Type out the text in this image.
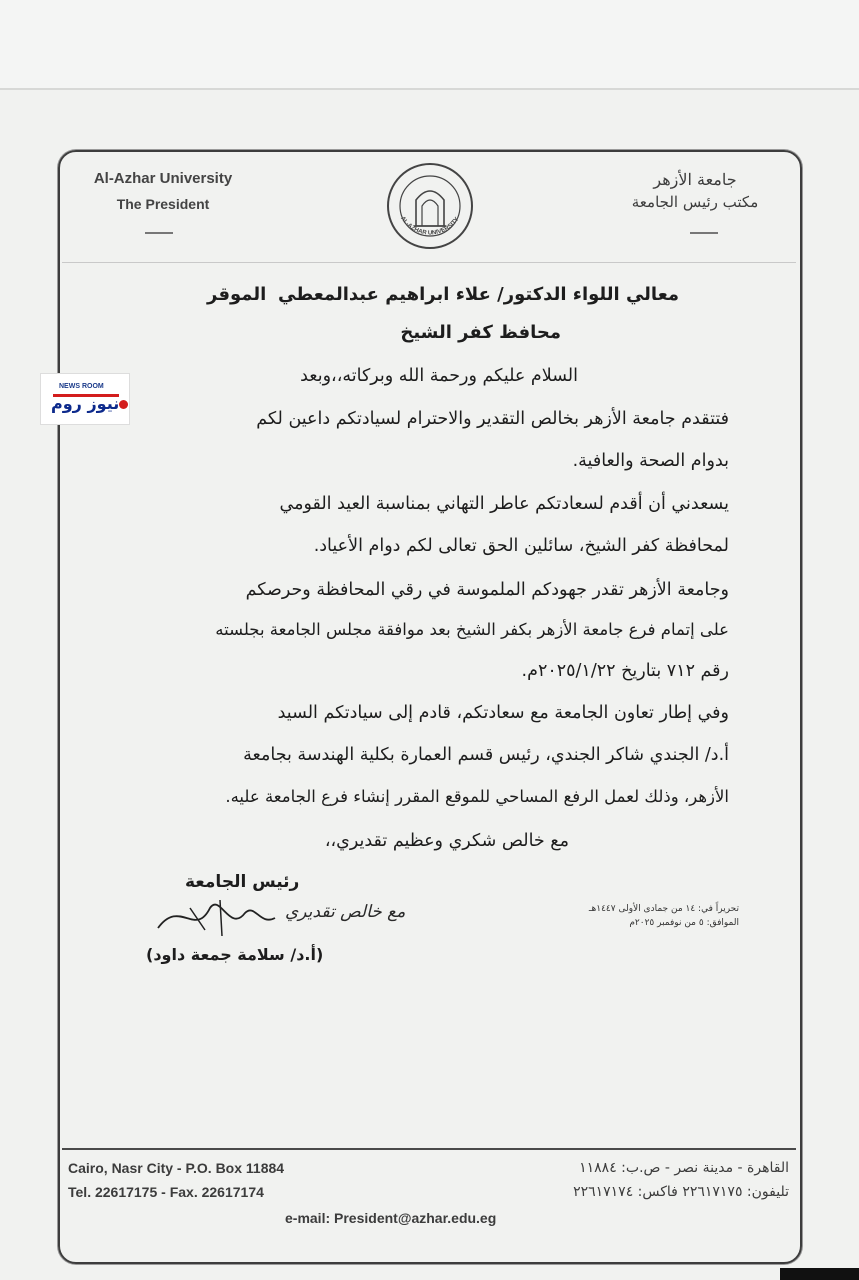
Al-Azhar University
The President
جامعة الأزهر
مكتب رئيس الجامعة
AL-AZHAR UNIVERSITY
NEWS ROOM
نيوز روم
معالي اللواء الدكتور/ علاء ابراهيم عبدالمعطي
الموقر
محافظ كفر الشيخ
السلام عليكم ورحمة الله وبركاته،،وبعد
فتتقدم جامعة الأزهر بخالص التقدير والاحترام لسيادتكم داعين لكم
بدوام الصحة والعافية.
يسعدني أن أقدم لسعادتكم عاطر التهاني بمناسبة العيد القومي
لمحافظة كفر الشيخ، سائلين الحق تعالى لكم دوام الأعياد.
وجامعة الأزهر تقدر جهودكم الملموسة في رقي المحافظة وحرصكم
على إتمام فرع جامعة الأزهر بكفر الشيخ بعد موافقة مجلس الجامعة بجلسته
رقم ٧١٢ بتاريخ ٢٠٢٥/١/٢٢م.
وفي إطار تعاون الجامعة مع سعادتكم، قادم إلى سيادتكم السيد
أ.د/ الجندي شاكر الجندي، رئيس قسم العمارة بكلية الهندسة بجامعة
الأزهر، وذلك لعمل الرفع المساحي للموقع المقرر إنشاء فرع الجامعة عليه.
مع خالص شكري وعظيم تقديري،،
رئيس الجامعة
مع خالص تقديري
(أ.د/ سلامة جمعة داود)
تحريراً في: ١٤ من جمادى الأولى ١٤٤٧هـ
الموافق: ٥ من نوفمبر ٢٠٢٥م
Cairo, Nasr City - P.O. Box 11884
Tel. 22617175 - Fax. 22617174
القاهرة - مدينة نصر - ص.ب: ١١٨٨٤
تليفون: ٢٢٦١٧١٧٥ فاكس: ٢٢٦١٧١٧٤
e-mail: President@azhar.edu.eg
